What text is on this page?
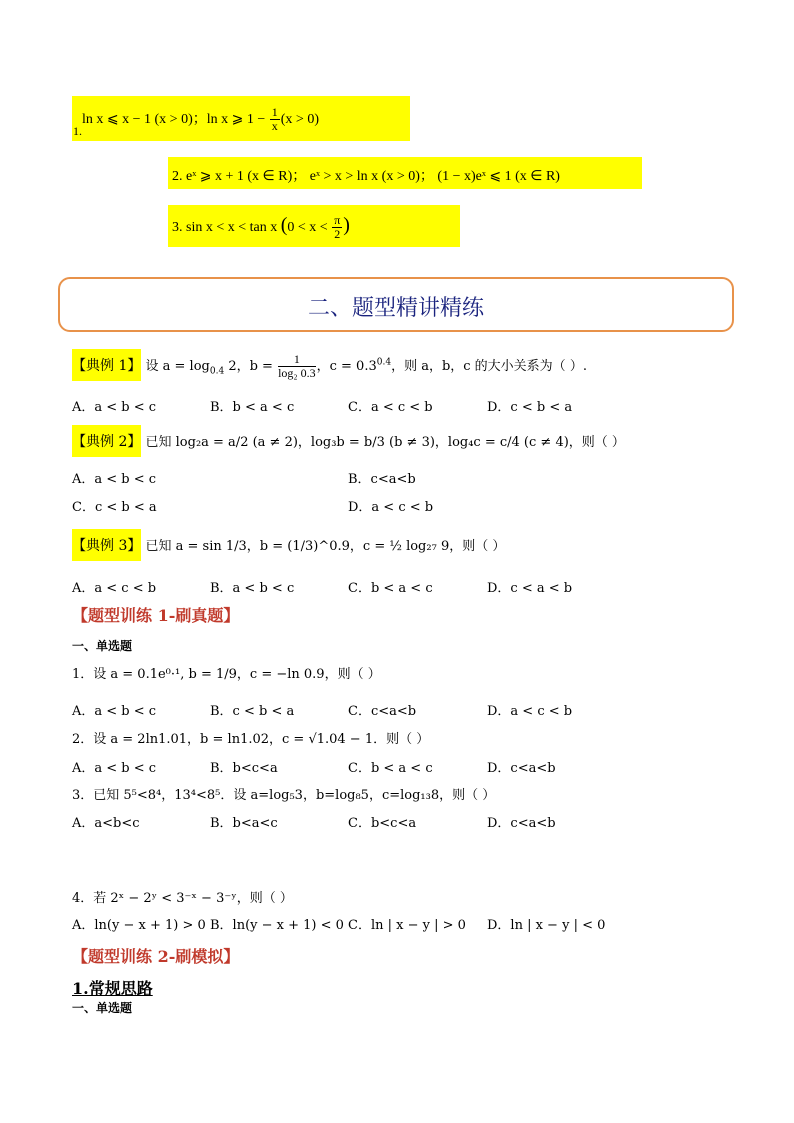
ln x ⩽ x − 1 (x > 0)；ln x ⩾ $1 - \frac{1}{x} (x > 0)$
1.
2. eˣ ⩾ x + 1 (x ∈ R)； eˣ > x > ln x (x > 0)； (1 − x)eˣ ⩽ 1 (x ∈ R)
3. sin x < x < tan x ($0 < x < \frac{\pi}{2}$ )
二、题型精讲精练
【典例 1】 设 $a = \log_{0.4} 2$，$b = \frac{1}{\text{log₂ 0.3}}$ ，$c = 0.3^{0.4}$，则 a，b，c 的大小关系为（ ）.
A．a < b < c	B．b < a < c	C．a < c < b	D．c < b < a
【典例 2】 已知 log₂a = a/2 (a ≠ 2)，log₃b = b/3 (b ≠ 3)，log₄c = c/4 (c ≠ 4)，则（ ）
A．a < b < c	B．c<a<b
C．c < b < a	D．a < c < b
【典例 3】 已知 a = sin 1/3，b = (1/3)^0.9，c = ½ log₂₇ 9，则（ ）
A．a < c < b	B．a < b < c	C．b < a < c	D．c < a < b
【题型训练 1-刷真题】
一、单选题
1．设 a = 0.1e⁰·¹, b = 1/9，c = −ln 0.9，则（ ）
A．a < b < c	B．c < b < a	C．c<a<b	D．a < c < b
2．设 a = 2ln1.01，b = ln1.02，c = √1.04 − 1．则（ ）
A．a < b < c	B．b<c<a	C．b < a < c	D．c<a<b
3．已知 5⁵<8⁴，13⁴<8⁵．设 a=log₅3，b=log₈5，c=log₁₃8，则（ ）
A．a<b<c	B．b<a<c	C．b<c<a	D．c<a<b
4．若 2ˣ − 2ʸ < 3⁻ˣ − 3⁻ʸ，则（ ）
A．ln(y − x + 1) > 0 B．ln(y − x + 1) < 0 C．ln | x − y | > 0 D．ln | x − y | < 0
【题型训练 2-刷模拟】
1.常规思路
一、单选题
